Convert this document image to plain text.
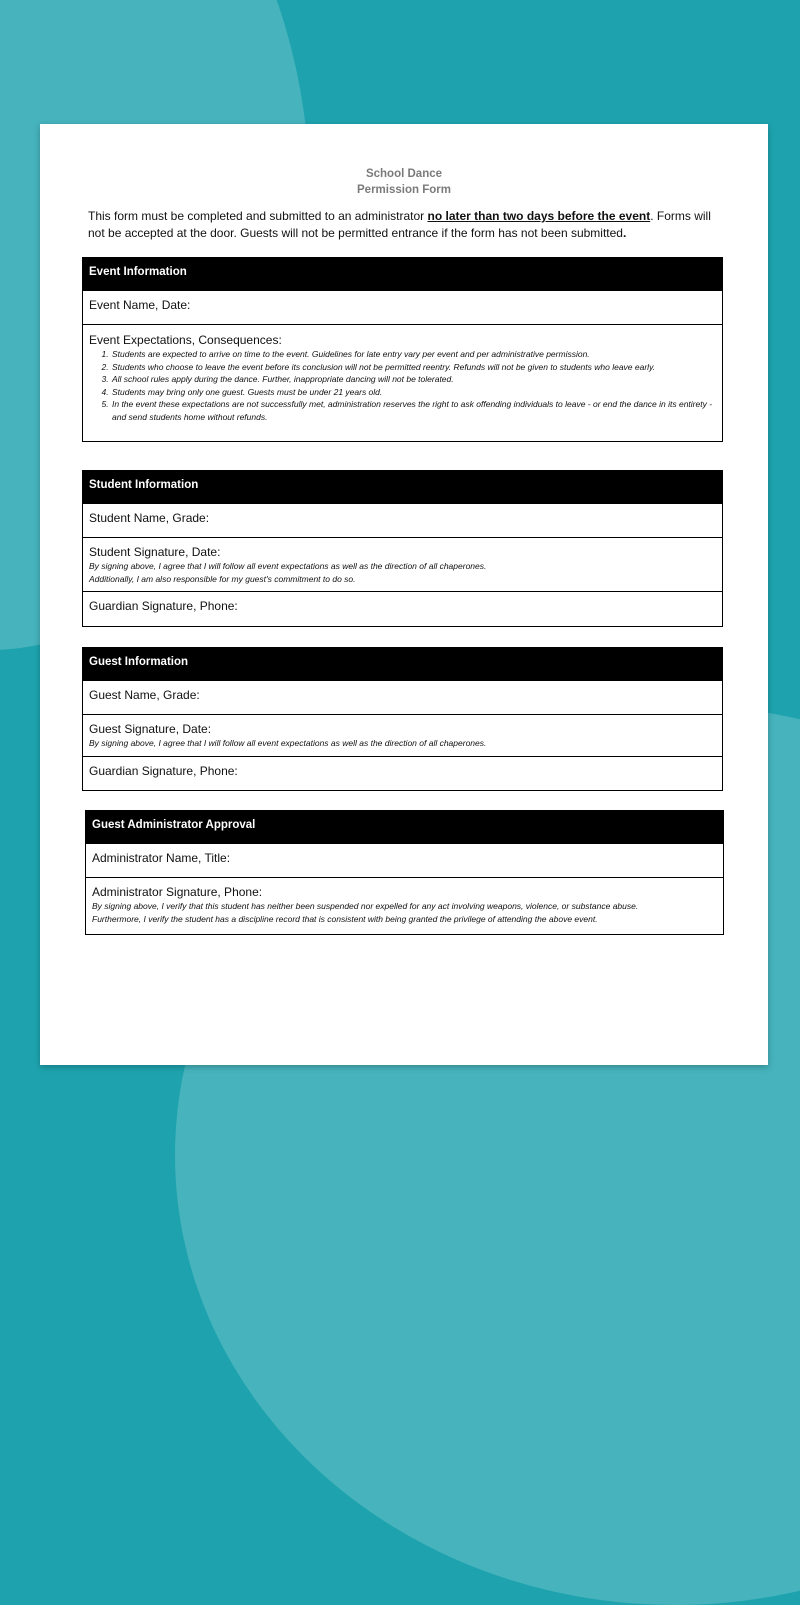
School Dance
Permission Form
This form must be completed and submitted to an administrator no later than two days before the event. Forms will not be accepted at the door. Guests will not be permitted entrance if the form has not been submitted.
Event Information
Event Name, Date:
Event Expectations, Consequences:
1. Students are expected to arrive on time to the event. Guidelines for late entry vary per event and per administrative permission.
2. Students who choose to leave the event before its conclusion will not be permitted reentry. Refunds will not be given to students who leave early.
3. All school rules apply during the dance. Further, inappropriate dancing will not be tolerated.
4. Students may bring only one guest. Guests must be under 21 years old.
5. In the event these expectations are not successfully met, administration reserves the right to ask offending individuals to leave - or end the dance in its entirety - and send students home without refunds.
Student Information
Student Name, Grade:
Student Signature, Date:
By signing above, I agree that I will follow all event expectations as well as the direction of all chaperones.
Additionally, I am also responsible for my guest's commitment to do so.
Guardian Signature, Phone:
Guest Information
Guest Name, Grade:
Guest Signature, Date:
By signing above, I agree that I will follow all event expectations as well as the direction of all chaperones.
Guardian Signature, Phone:
Guest Administrator Approval
Administrator Name, Title:
Administrator Signature, Phone:
By signing above, I verify that this student has neither been suspended nor expelled for any act involving weapons, violence, or substance abuse.
Furthermore, I verify the student has a discipline record that is consistent with being granted the privilege of attending the above event.
